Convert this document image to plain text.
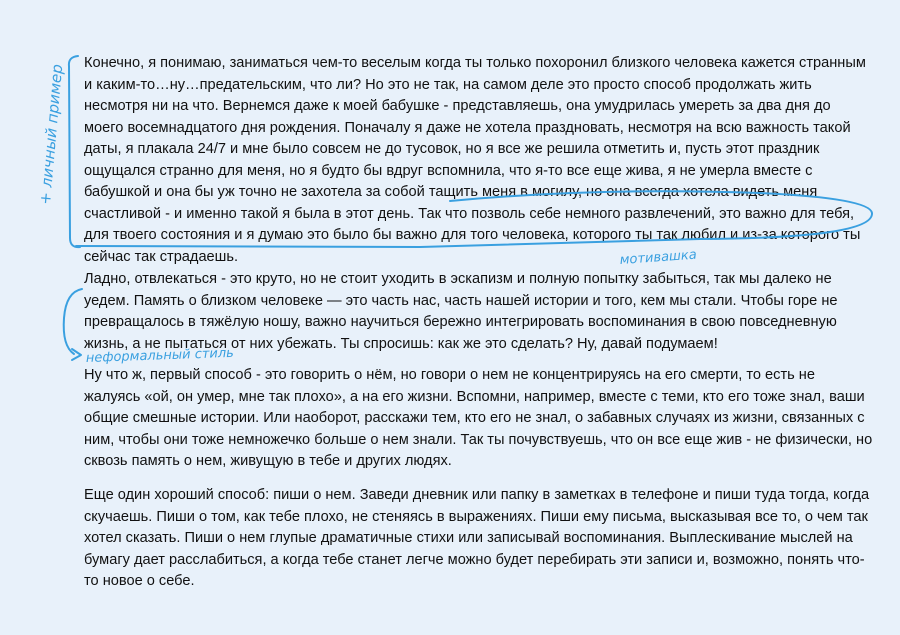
Конечно, я понимаю, заниматься чем-то веселым когда ты только похоронил близкого человека кажется странным и каким-то…ну…предательским, что ли? Но это не так, на самом деле это просто способ продолжать жить несмотря ни на что. Вернемся даже к моей бабушке - представляешь, она умудрилась умереть за два дня до моего восемнадцатого дня рождения. Поначалу я даже не хотела праздновать, несмотря на всю важность такой даты, я плакала 24/7 и мне было совсем не до тусовок, но я все же решила отметить и, пусть этот праздник ощущался странно для меня, но я будто бы вдруг вспомнила, что я-то все еще жива, я не умерла вместе с бабушкой и она бы уж точно не захотела за собой тащить меня в могилу, но она всегда хотела видеть меня счастливой - и именно такой я была в этот день. Так что позволь себе немного развлечений, это важно для тебя, для твоего состояния и я думаю это было бы важно для того человека, которого ты так любил и из-за которого ты сейчас так страдаешь.

Ладно, отвлекаться - это круто, но не стоит уходить в эскапизм и полную попытку забыться, так мы далеко не уедем. Память о близком человеке — это часть нас, часть нашей истории и того, кем мы стали. Чтобы горе не превращалось в тяжёлую ношу, важно научиться бережно интегрировать воспоминания в свою повседневную жизнь, а не пытаться от них убежать. Ты спросишь: как же это сделать? Ну, давай подумаем!

Ну что ж, первый способ - это говорить о нём, но говори о нем не концентрируясь на его смерти, то есть не жалуясь «ой, он умер, мне так плохо», а на его жизни. Вспомни, например, вместе с теми, кто его тоже знал, ваши общие смешные истории. Или наоборот, расскажи тем, кто его не знал, о забавных случаях из жизни, связанных с ним, чтобы они тоже немножечко больше о нем знали. Так ты почувствуешь, что он все еще жив - не физически, но сквозь память о нем, живущую в тебе и других людях.

Еще один хороший способ: пиши о нем. Заведи дневник или папку в заметках в телефоне и пиши туда тогда, когда скучаешь. Пиши о том, как тебе плохо, не стеняясь в выражениях. Пиши ему письма, высказывая все то, о чем так хотел сказать. Пиши о нем глупые драматичные стихи или записывай воспоминания. Выплескивание мыслей на бумагу дает расслабиться, а когда тебе станет легче можно будет перебирать эти записи и, возможно, понять что-то новое о себе.

+ личный пример
мотивашка
неформальный стиль
